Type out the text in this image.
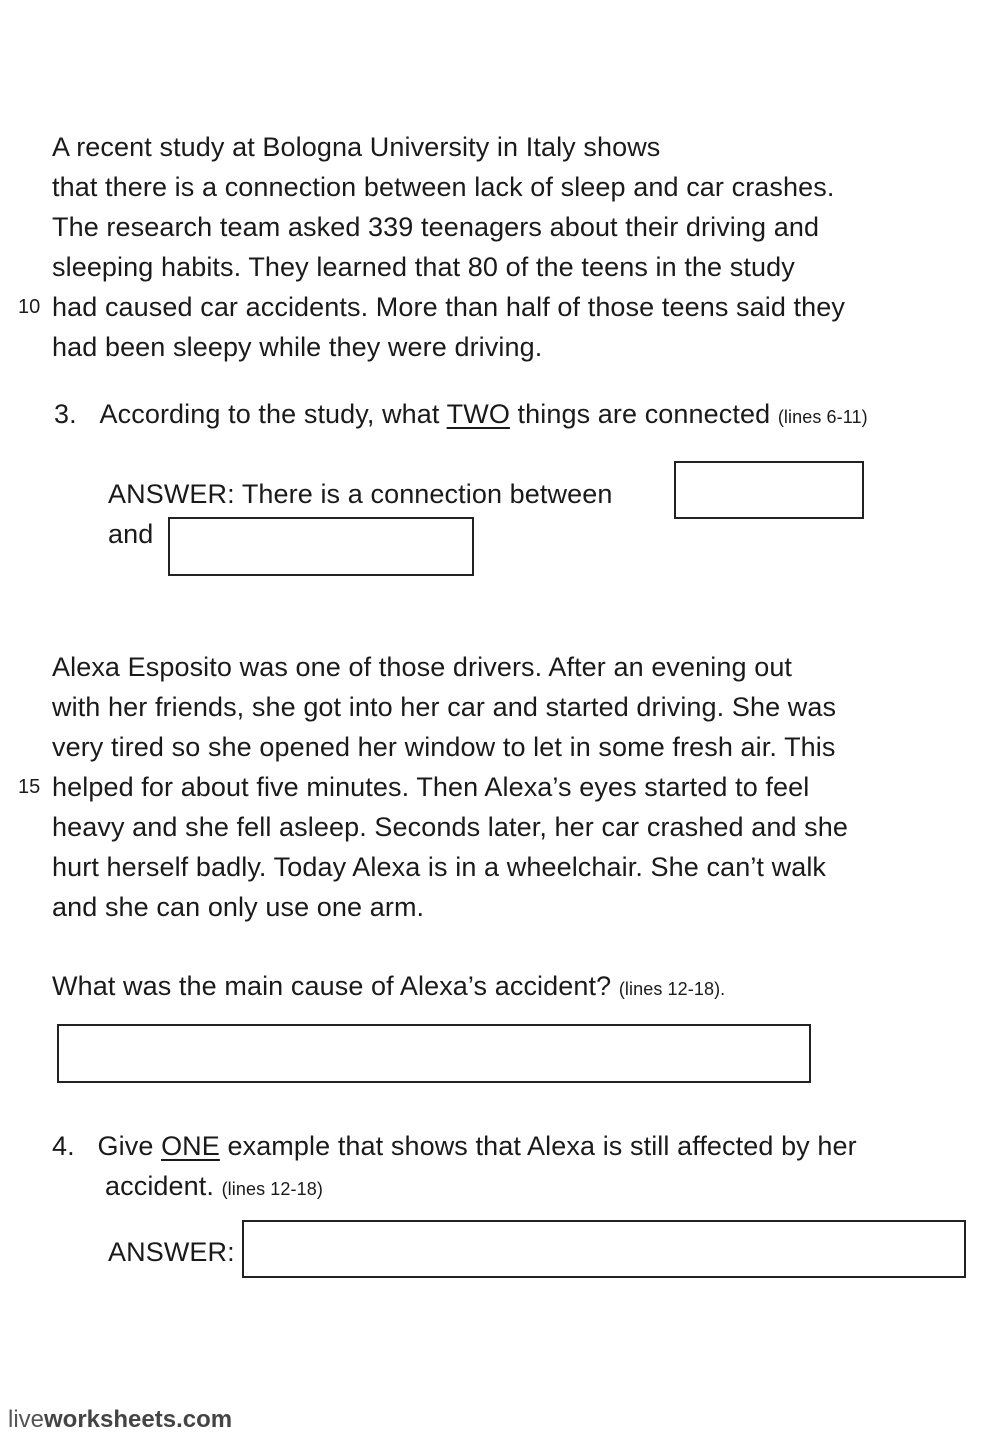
A recent study at Bologna University in Italy shows
that there is a connection between lack of sleep and car crashes.
The research team asked 339 teenagers about their driving and
sleeping habits. They learned that 80 of the teens in the study
10 had caused car accidents. More than half of those teens said they
had been sleepy while they were driving.
3. According to the study, what TWO things are connected (lines 6-11)
ANSWER: There is a connection between
and
Alexa Esposito was one of those drivers. After an evening out
with her friends, she got into her car and started driving. She was
very tired so she opened her window to let in some fresh air. This
15 helped for about five minutes. Then Alexa’s eyes started to feel
heavy and she fell asleep. Seconds later, her car crashed and she
hurt herself badly. Today Alexa is in a wheelchair. She can’t walk
and she can only use one arm.
What was the main cause of Alexa’s accident? (lines 12-18).
4. Give ONE example that shows that Alexa is still affected by her
accident. (lines 12-18)
ANSWER:
liveworksheets.com
